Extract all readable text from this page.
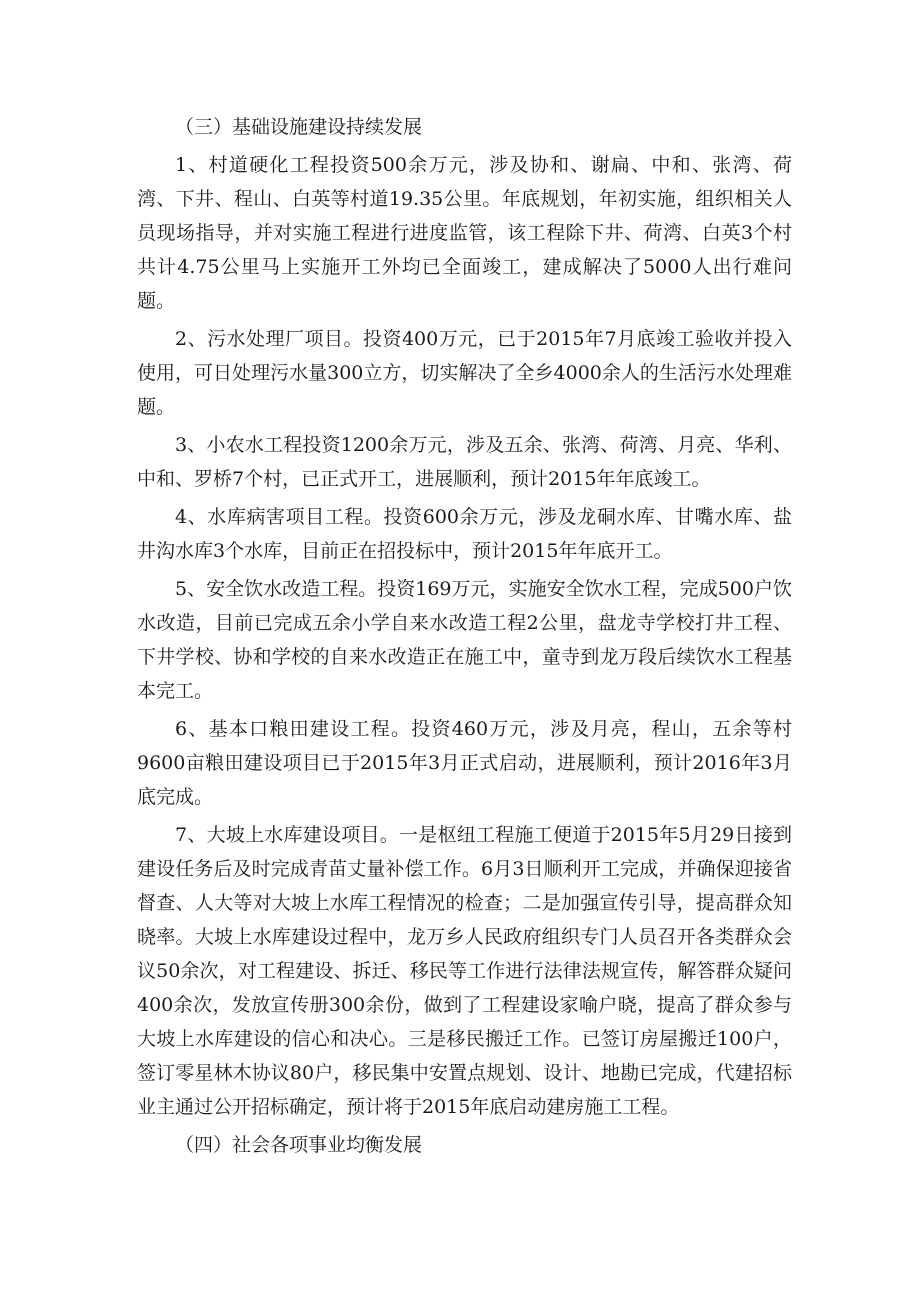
（三）基础设施建设持续发展

1、村道硬化工程投资500余万元，涉及协和、谢扁、中和、张湾、荷湾、下井、程山、白英等村道19.35公里。年底规划，年初实施，组织相关人员现场指导，并对实施工程进行进度监管，该工程除下井、荷湾、白英3个村共计4.75公里马上实施开工外均已全面竣工，建成解决了5000人出行难问题。

2、污水处理厂项目。投资400万元，已于2015年7月底竣工验收并投入使用，可日处理污水量300立方，切实解决了全乡4000余人的生活污水处理难题。

3、小农水工程投资1200余万元，涉及五余、张湾、荷湾、月亮、华利、中和、罗桥7个村，已正式开工，进展顺利，预计2015年年底竣工。

4、水库病害项目工程。投资600余万元，涉及龙硐水库、甘嘴水库、盐井沟水库3个水库，目前正在招投标中，预计2015年年底开工。

5、安全饮水改造工程。投资169万元，实施安全饮水工程，完成500户饮水改造，目前已完成五余小学自来水改造工程2公里，盘龙寺学校打井工程、下井学校、协和学校的自来水改造正在施工中，童寺到龙万段后续饮水工程基本完工。

6、基本口粮田建设工程。投资460万元，涉及月亮，程山，五余等村9600亩粮田建设项目已于2015年3月正式启动，进展顺利，预计2016年3月底完成。

7、大坡上水库建设项目。一是枢纽工程施工便道于2015年5月29日接到建设任务后及时完成青苗丈量补偿工作。6月3日顺利开工完成，并确保迎接省督查、人大等对大坡上水库工程情况的检查；二是加强宣传引导，提高群众知晓率。大坡上水库建设过程中，龙万乡人民政府组织专门人员召开各类群众会议50余次，对工程建设、拆迁、移民等工作进行法律法规宣传，解答群众疑问400余次，发放宣传册300余份，做到了工程建设家喻户晓，提高了群众参与大坡上水库建设的信心和决心。三是移民搬迁工作。已签订房屋搬迁100户，签订零星林木协议80户，移民集中安置点规划、设计、地勘已完成，代建招标业主通过公开招标确定，预计将于2015年底启动建房施工工程。

（四）社会各项事业均衡发展
